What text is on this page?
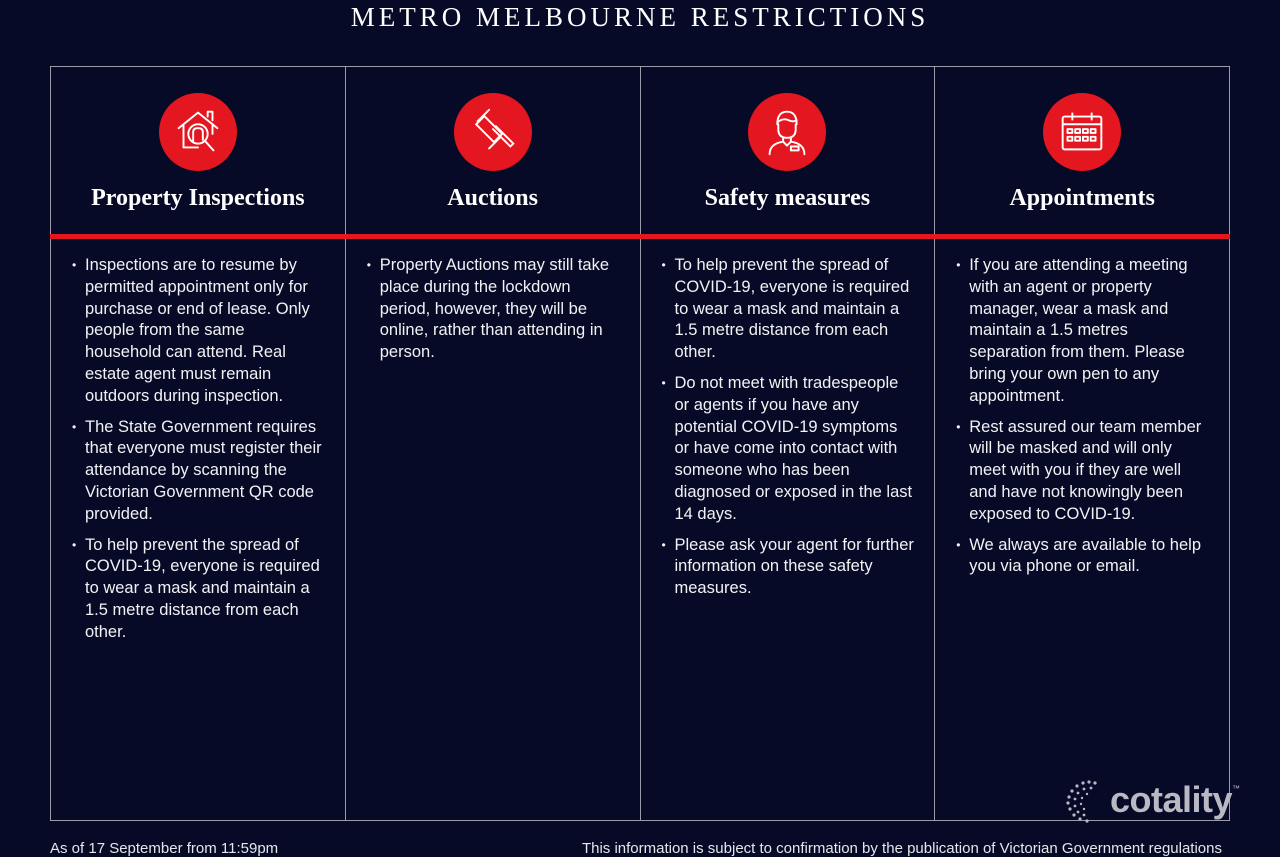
METRO MELBOURNE RESTRICTIONS
Property Inspections
• Inspections are to resume by permitted appointment only for purchase or end of lease. Only people from the same household can attend. Real estate agent must remain outdoors during inspection.
• The State Government requires that everyone must register their attendance by scanning the Victorian Government QR code provided.
• To help prevent the spread of COVID-19, everyone is required to wear a mask and maintain a 1.5 metre distance from each other.
Auctions
• Property Auctions may still take place during the lockdown period, however, they will be online, rather than attending in person.
Safety measures
• To help prevent the spread of COVID-19, everyone is required to wear a mask and maintain a 1.5 metre distance from each other.
• Do not meet with tradespeople or agents if you have any potential COVID-19 symptoms or have come into contact with someone who has been diagnosed or exposed in the last 14 days.
• Please ask your agent for further information on these safety measures.
Appointments
• If you are attending a meeting with an agent or property manager, wear a mask and maintain a 1.5 metres separation from them. Please bring your own pen to any appointment.
• Rest assured our team member will be masked and will only meet with you if they are well and have not knowingly been exposed to COVID-19.
• We always are available to help you via phone or email.
cotality ™
As of 17 September from 11:59pm	This information is subject to confirmation by the publication of Victorian Government regulations
